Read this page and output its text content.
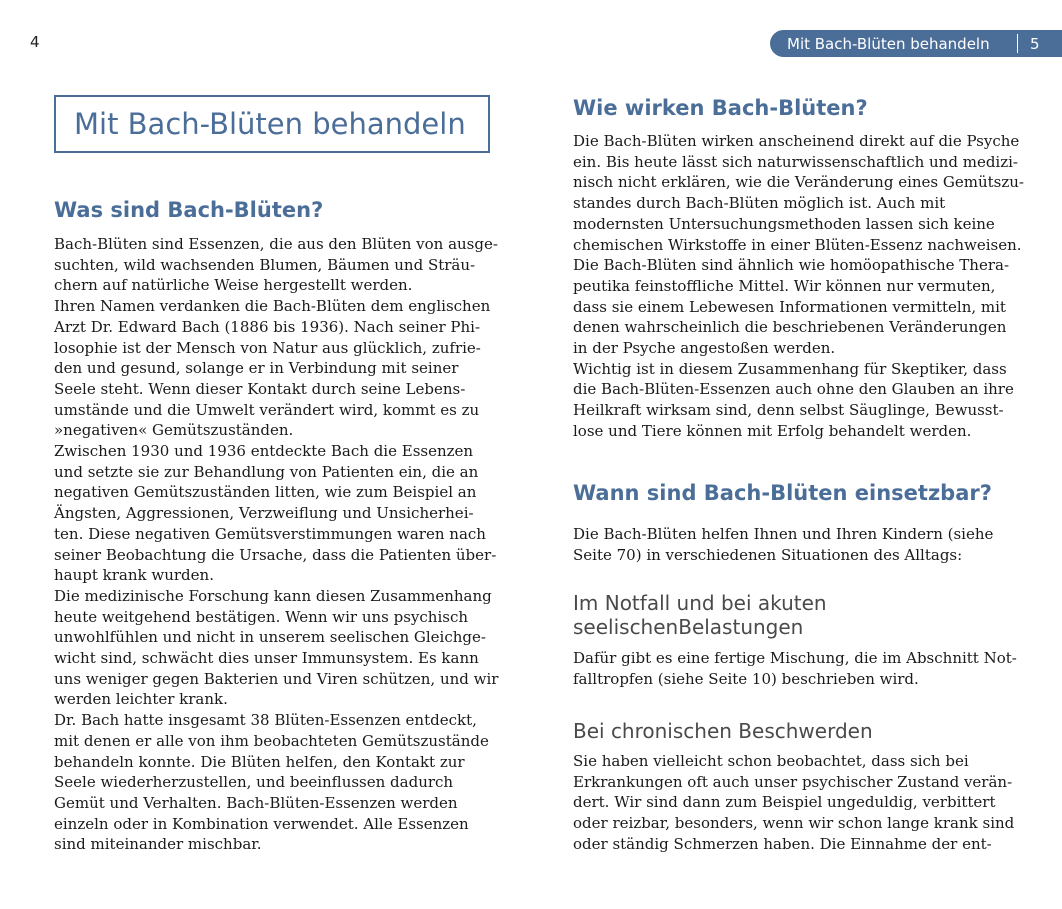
4	Mit Bach-Blüten behandeln	5
Mit Bach-Blüten behandeln
Was sind Bach-Blüten?
Bach-Blüten sind Essenzen, die aus den Blüten von ausge-
suchten, wild wachsenden Blumen, Bäumen und Sträu-
chern auf natürliche Weise hergestellt werden.
Ihren Namen verdanken die Bach-Blüten dem englischen
Arzt Dr. Edward Bach (1886 bis 1936). Nach seiner Phi-
losophie ist der Mensch von Natur aus glücklich, zufrie-
den und gesund, solange er in Verbindung mit seiner
Seele steht. Wenn dieser Kontakt durch seine Lebens-
umstände und die Umwelt verändert wird, kommt es zu
»negativen« Gemütszuständen.
Zwischen 1930 und 1936 entdeckte Bach die Essenzen
und setzte sie zur Behandlung von Patienten ein, die an
negativen Gemütszuständen litten, wie zum Beispiel an
Ängsten, Aggressionen, Verzweiflung und Unsicherhei-
ten. Diese negativen Gemütsverstimmungen waren nach
seiner Beobachtung die Ursache, dass die Patienten über-
haupt krank wurden.
Die medizinische Forschung kann diesen Zusammenhang
heute weitgehend bestätigen. Wenn wir uns psychisch
unwohlfühlen und nicht in unserem seelischen Gleichge-
wicht sind, schwächt dies unser Immunsystem. Es kann
uns weniger gegen Bakterien und Viren schützen, und wir
werden leichter krank.
Dr. Bach hatte insgesamt 38 Blüten-Essenzen entdeckt,
mit denen er alle von ihm beobachteten Gemütszustände
behandeln konnte. Die Blüten helfen, den Kontakt zur
Seele wiederherzustellen, und beeinflussen dadurch
Gemüt und Verhalten. Bach-Blüten-Essenzen werden
einzeln oder in Kombination verwendet. Alle Essenzen
sind miteinander mischbar.
Wie wirken Bach-Blüten?
Die Bach-Blüten wirken anscheinend direkt auf die Psyche
ein. Bis heute lässt sich naturwissenschaftlich und medizi-
nisch nicht erklären, wie die Veränderung eines Gemütszu-
standes durch Bach-Blüten möglich ist. Auch mit
modernsten Untersuchungsmethoden lassen sich keine
chemischen Wirkstoffe in einer Blüten-Essenz nachweisen.
Die Bach-Blüten sind ähnlich wie homöopathische Thera-
peutika feinstoffliche Mittel. Wir können nur vermuten,
dass sie einem Lebewesen Informationen vermitteln, mit
denen wahrscheinlich die beschriebenen Veränderungen
in der Psyche angestoßen werden.
Wichtig ist in diesem Zusammenhang für Skeptiker, dass
die Bach-Blüten-Essenzen auch ohne den Glauben an ihre
Heilkraft wirksam sind, denn selbst Säuglinge, Bewusst-
lose und Tiere können mit Erfolg behandelt werden.
Wann sind Bach-Blüten einsetzbar?
Die Bach-Blüten helfen Ihnen und Ihren Kindern (siehe
Seite 70) in verschiedenen Situationen des Alltags:
Im Notfall und bei akuten seelischenBelastungen
Dafür gibt es eine fertige Mischung, die im Abschnitt Not-
falltropfen (siehe Seite 10) beschrieben wird.
Bei chronischen Beschwerden
Sie haben vielleicht schon beobachtet, dass sich bei
Erkrankungen oft auch unser psychischer Zustand verän-
dert. Wir sind dann zum Beispiel ungeduldig, verbittert
oder reizbar, besonders, wenn wir schon lange krank sind
oder ständig Schmerzen haben. Die Einnahme der ent-
